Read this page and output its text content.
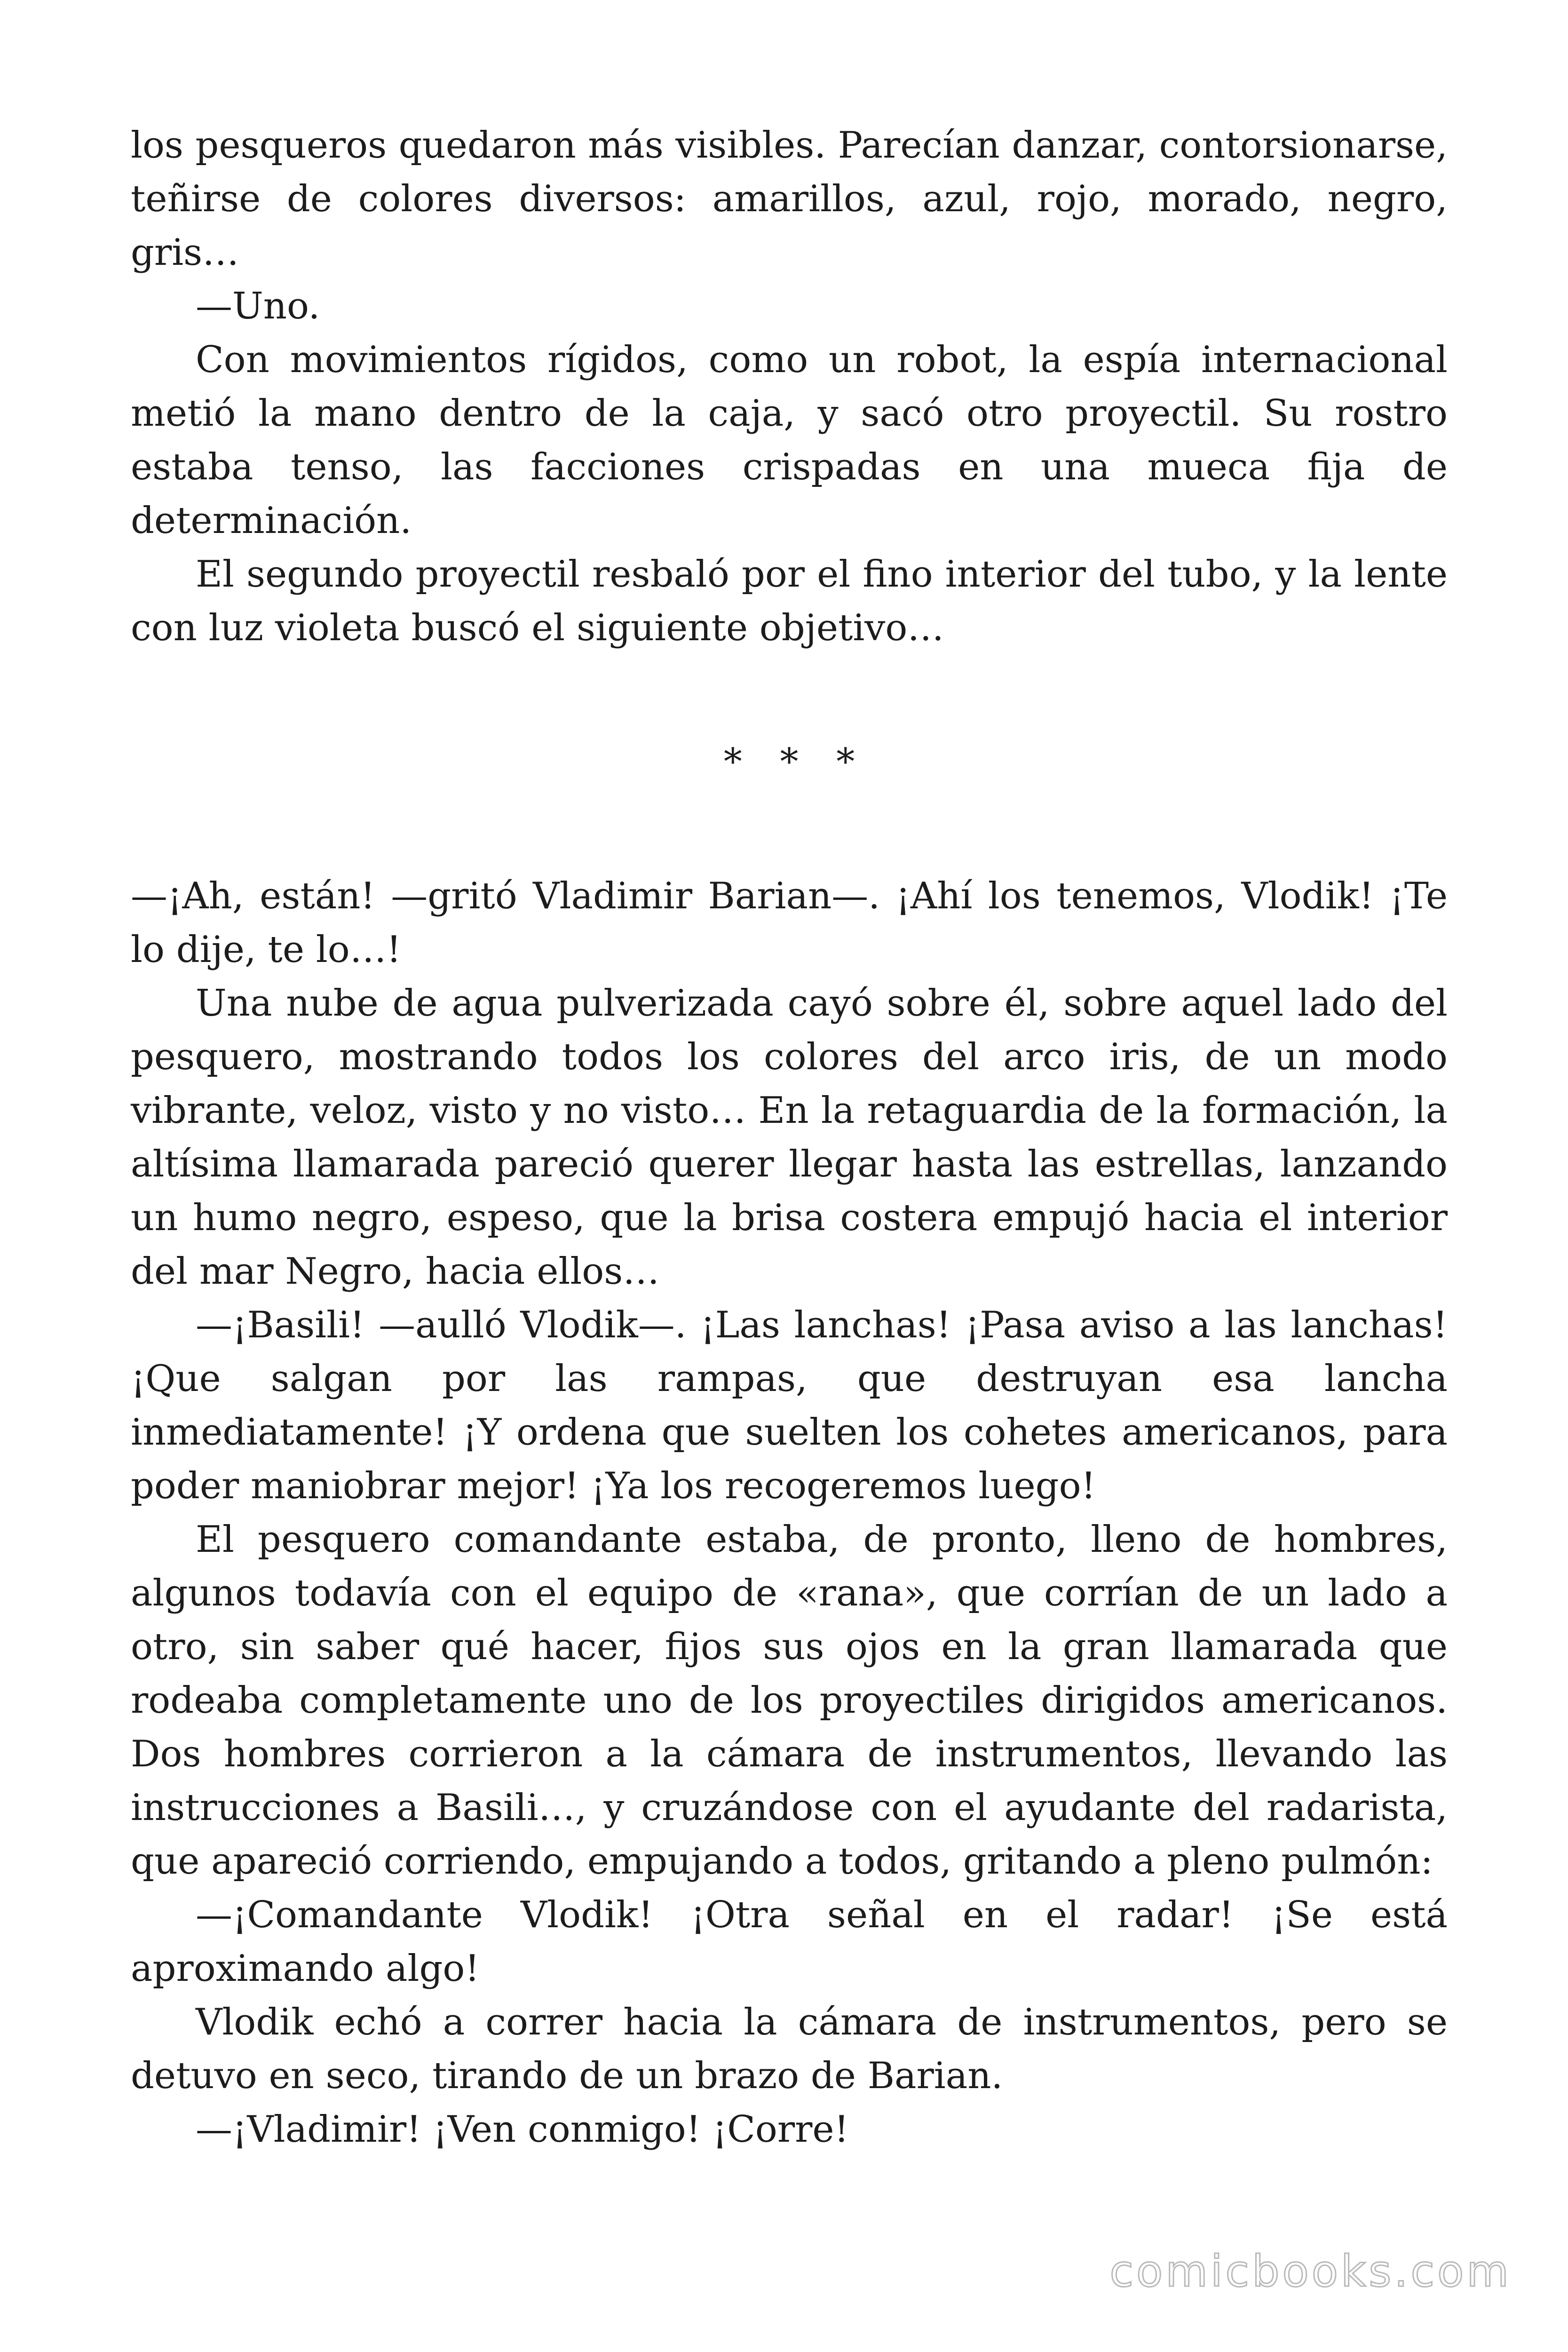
los pesqueros quedaron más visibles. Parecían danzar, contorsionarse, teñirse de colores diversos: amarillos, azul, rojo, morado, negro, gris…

—Uno.

Con movimientos rígidos, como un robot, la espía internacional metió la mano dentro de la caja, y sacó otro proyectil. Su rostro estaba tenso, las facciones crispadas en una mueca fija de determinación.

El segundo proyectil resbaló por el fino interior del tubo, y la lente con luz violeta buscó el siguiente objetivo…

* * *

—¡Ah, están! —gritó Vladimir Barian—. ¡Ahí los tenemos, Vlodik! ¡Te lo dije, te lo…!

Una nube de agua pulverizada cayó sobre él, sobre aquel lado del pesquero, mostrando todos los colores del arco iris, de un modo vibrante, veloz, visto y no visto… En la retaguardia de la formación, la altísima llamarada pareció querer llegar hasta las estrellas, lanzando un humo negro, espeso, que la brisa costera empujó hacia el interior del mar Negro, hacia ellos…

—¡Basili! —aulló Vlodik—. ¡Las lanchas! ¡Pasa aviso a las lanchas! ¡Que salgan por las rampas, que destruyan esa lancha inmediatamente! ¡Y ordena que suelten los cohetes americanos, para poder maniobrar mejor! ¡Ya los recogeremos luego!

El pesquero comandante estaba, de pronto, lleno de hombres, algunos todavía con el equipo de «rana», que corrían de un lado a otro, sin saber qué hacer, fijos sus ojos en la gran llamarada que rodeaba completamente uno de los proyectiles dirigidos americanos. Dos hombres corrieron a la cámara de instrumentos, llevando las instrucciones a Basili…, y cruzándose con el ayudante del radarista, que apareció corriendo, empujando a todos, gritando a pleno pulmón:

—¡Comandante Vlodik! ¡Otra señal en el radar! ¡Se está aproximando algo!

Vlodik echó a correr hacia la cámara de instrumentos, pero se detuvo en seco, tirando de un brazo de Barian.

—¡Vladimir! ¡Ven conmigo! ¡Corre!

comicbooks.com
